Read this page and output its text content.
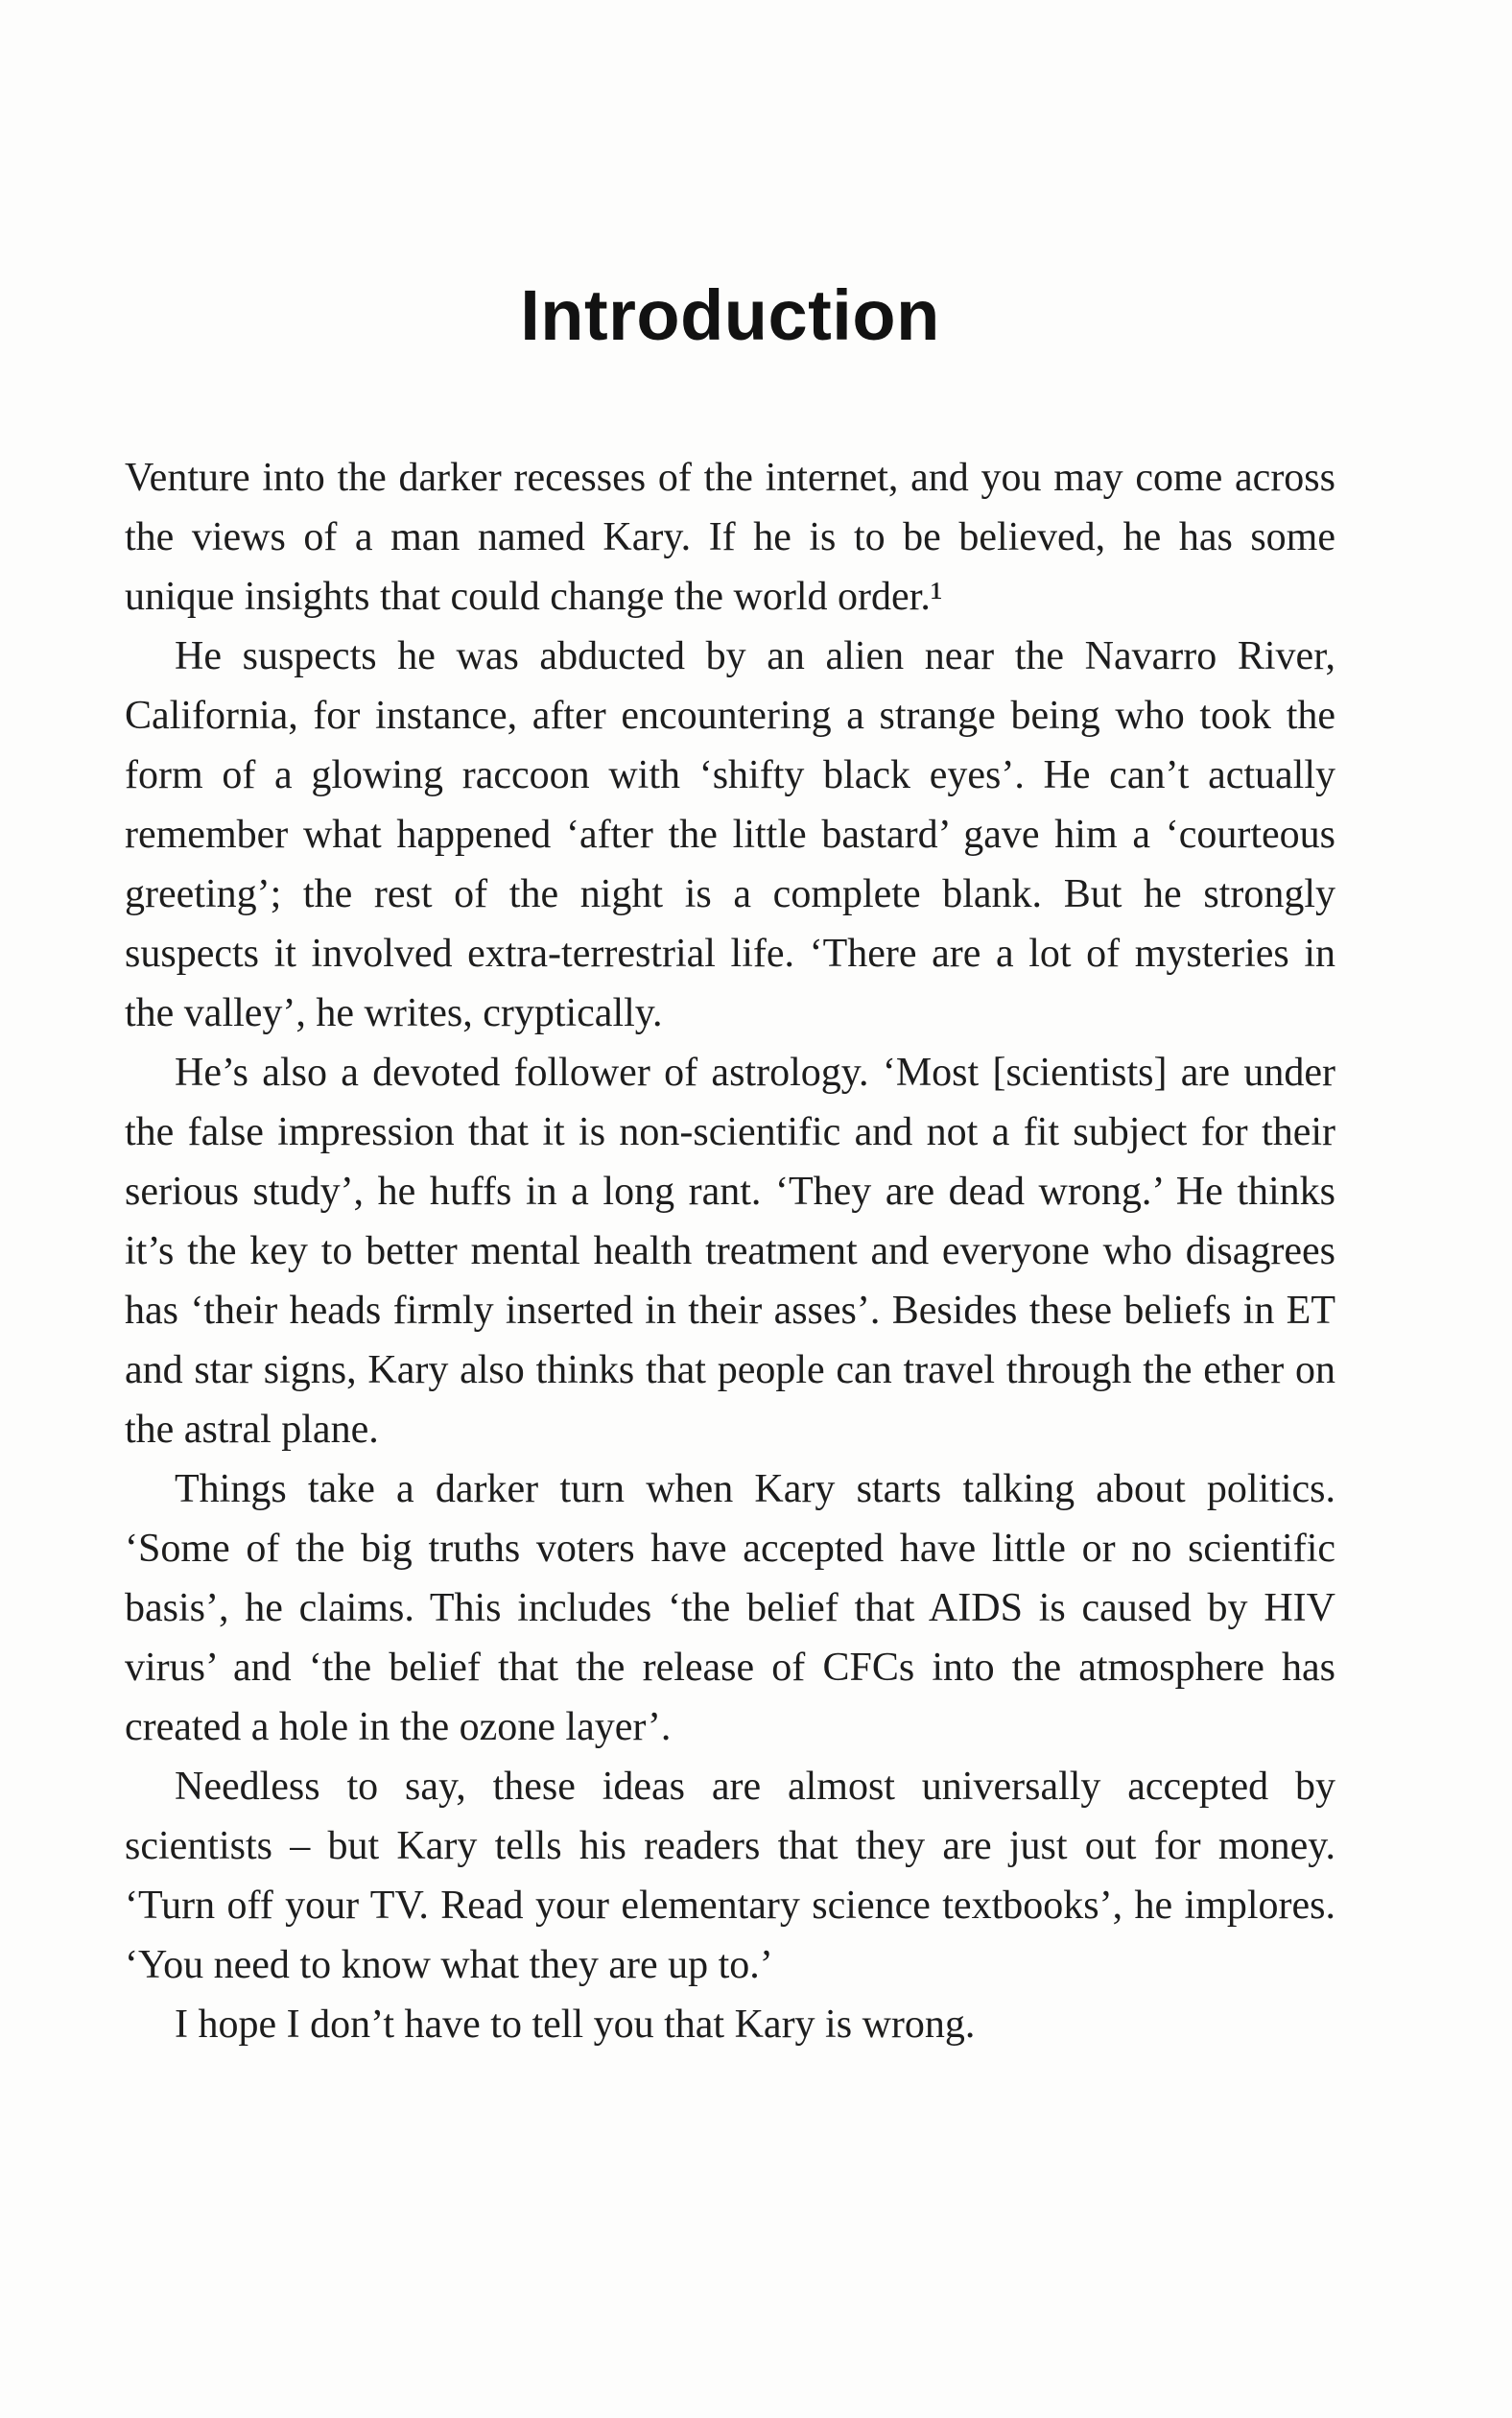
Introduction

Venture into the darker recesses of the internet, and you may come across the views of a man named Kary. If he is to be believed, he has some unique insights that could change the world order.¹

He suspects he was abducted by an alien near the Navarro River, California, for instance, after encountering a strange being who took the form of a glowing raccoon with ‘shifty black eyes’. He can’t actually remember what happened ‘after the little bastard’ gave him a ‘courteous greeting’; the rest of the night is a complete blank. But he strongly suspects it involved extra-terrestrial life. ‘There are a lot of mysteries in the valley’, he writes, cryptically.

He’s also a devoted follower of astrology. ‘Most [scientists] are under the false impression that it is non-scientific and not a fit subject for their serious study’, he huffs in a long rant. ‘They are dead wrong.’ He thinks it’s the key to better mental health treatment and everyone who disagrees has ‘their heads firmly inserted in their asses’. Besides these beliefs in ET and star signs, Kary also thinks that people can travel through the ether on the astral plane.

Things take a darker turn when Kary starts talking about politics. ‘Some of the big truths voters have accepted have little or no scientific basis’, he claims. This includes ‘the belief that AIDS is caused by HIV virus’ and ‘the belief that the release of CFCs into the atmosphere has created a hole in the ozone layer’.

Needless to say, these ideas are almost universally accepted by scientists – but Kary tells his readers that they are just out for money. ‘Turn off your TV. Read your elementary science textbooks’, he implores. ‘You need to know what they are up to.’

I hope I don’t have to tell you that Kary is wrong.
